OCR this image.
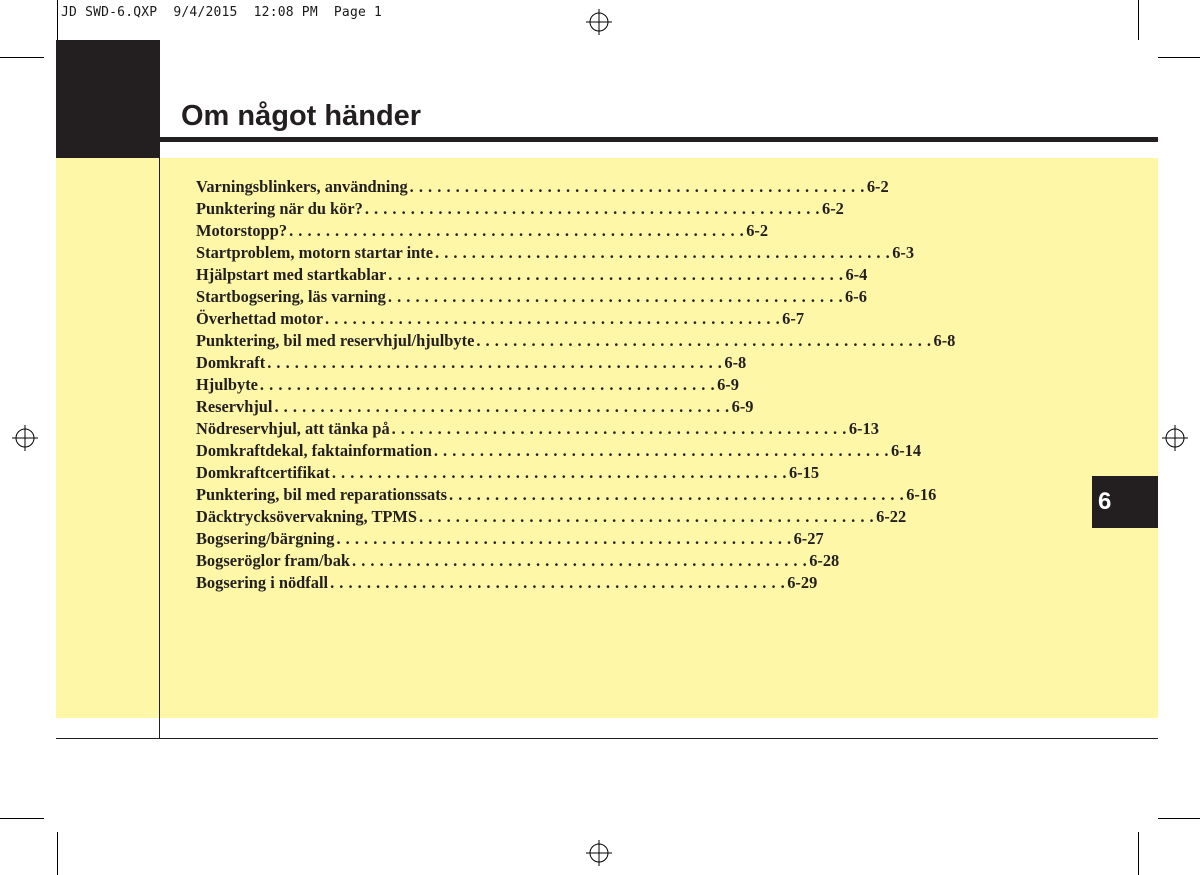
JD SWD-6.QXP  9/4/2015  12:08 PM  Page 1
Om något händer
Varningsblinkers, användning . . . . . . . . . . . . . . . . . . . . . . . . . . . . . . . . . . . . . . . . . . . . . . . . . . 6-2
Punktering när du kör? . . . . . . . . . . . . . . . . . . . . . . . . . . . . . . . . . . . . . . . . . . . . . . . . . . 6-2
Motorstopp? . . . . . . . . . . . . . . . . . . . . . . . . . . . . . . . . . . . . . . . . . . . . . . . . . . 6-2
Startproblem, motorn startar inte . . . . . . . . . . . . . . . . . . . . . . . . . . . . . . . . . . . . . . . . . . . . . . . . . . 6-3
Hjälpstart med startkablar . . . . . . . . . . . . . . . . . . . . . . . . . . . . . . . . . . . . . . . . . . . . . . . . . . 6-4
Startbogsering, läs varning . . . . . . . . . . . . . . . . . . . . . . . . . . . . . . . . . . . . . . . . . . . . . . . . . . 6-6
Överhettad motor . . . . . . . . . . . . . . . . . . . . . . . . . . . . . . . . . . . . . . . . . . . . . . . . . . 6-7
Punktering, bil med reservhjul/hjulbyte . . . . . . . . . . . . . . . . . . . . . . . . . . . . . . . . . . . . . . . . . . . . . . . . . . 6-8
Domkraft . . . . . . . . . . . . . . . . . . . . . . . . . . . . . . . . . . . . . . . . . . . . . . . . . . 6-8
Hjulbyte . . . . . . . . . . . . . . . . . . . . . . . . . . . . . . . . . . . . . . . . . . . . . . . . . . 6-9
Reservhjul . . . . . . . . . . . . . . . . . . . . . . . . . . . . . . . . . . . . . . . . . . . . . . . . . . 6-9
Nödreservhjul, att tänka på . . . . . . . . . . . . . . . . . . . . . . . . . . . . . . . . . . . . . . . . . . . . . . . . . . 6-13
Domkraftdekal, faktainformation . . . . . . . . . . . . . . . . . . . . . . . . . . . . . . . . . . . . . . . . . . . . . . . . . . 6-14
Domkraftcertifikat . . . . . . . . . . . . . . . . . . . . . . . . . . . . . . . . . . . . . . . . . . . . . . . . . . 6-15
Punktering, bil med reparationssats . . . . . . . . . . . . . . . . . . . . . . . . . . . . . . . . . . . . . . . . . . . . . . . . . . 6-16
Däcktrycksövervakning, TPMS . . . . . . . . . . . . . . . . . . . . . . . . . . . . . . . . . . . . . . . . . . . . . . . . . . 6-22
Bogsering/bärgning . . . . . . . . . . . . . . . . . . . . . . . . . . . . . . . . . . . . . . . . . . . . . . . . . . 6-27
Bogseröglor fram/bak . . . . . . . . . . . . . . . . . . . . . . . . . . . . . . . . . . . . . . . . . . . . . . . . . . 6-28
Bogsering i nödfall . . . . . . . . . . . . . . . . . . . . . . . . . . . . . . . . . . . . . . . . . . . . . . . . . . 6-29
6
